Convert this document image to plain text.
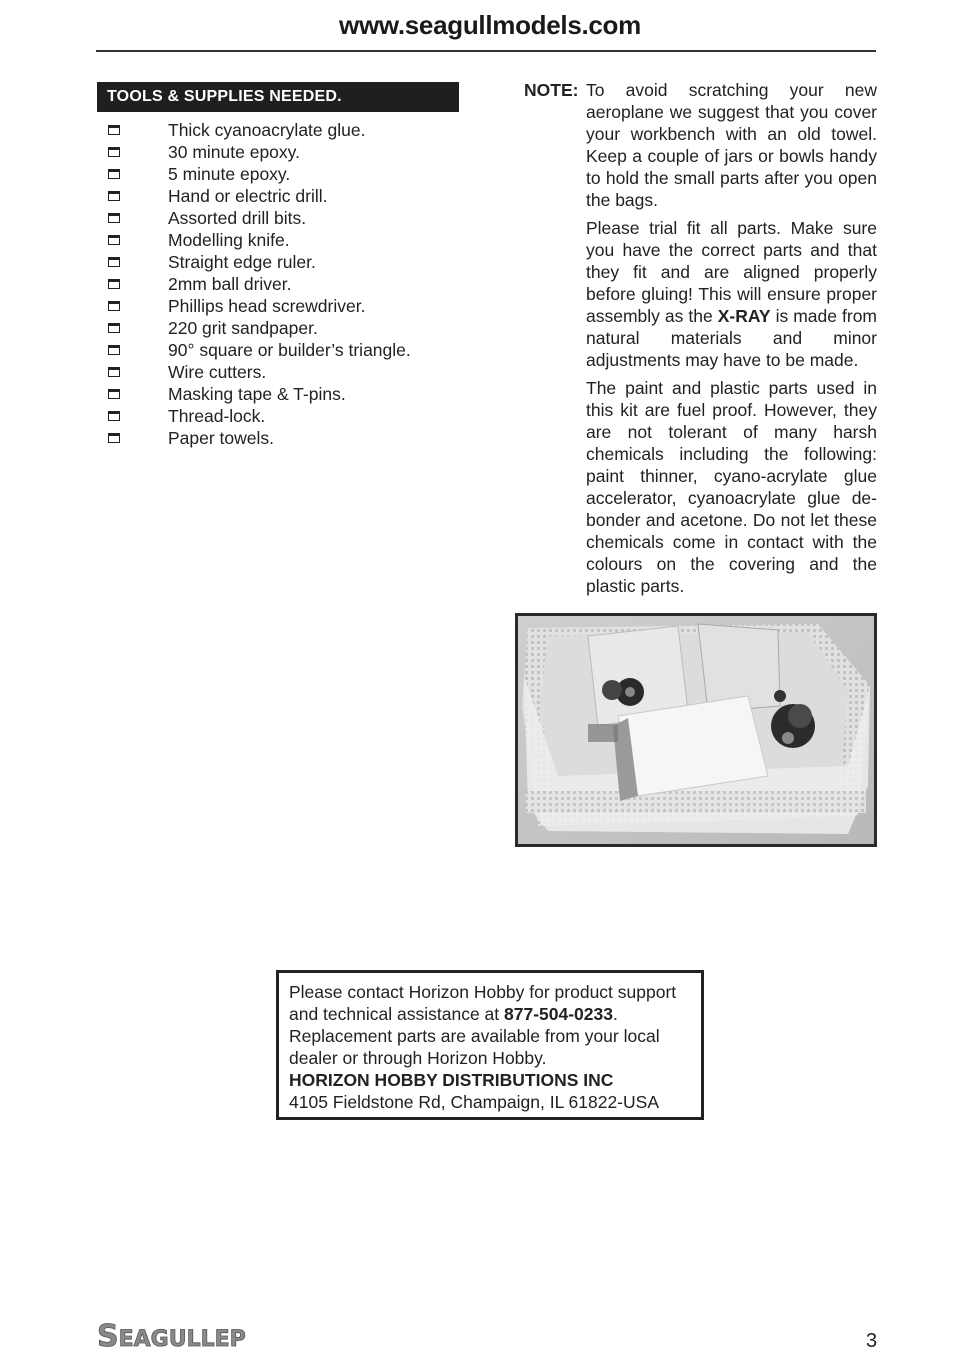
www.seagullmodels.com
TOOLS & SUPPLIES NEEDED.
Thick cyanoacrylate glue.
30 minute epoxy.
5 minute epoxy.
Hand or electric drill.
Assorted drill bits.
Modelling knife.
Straight edge ruler.
2mm ball driver.
Phillips head screwdriver.
220 grit sandpaper.
90° square or builder’s triangle.
Wire cutters.
Masking tape & T-pins.
Thread-lock.
Paper towels.
NOTE: To avoid scratching your new aeroplane we suggest that you cover your workbench with an old towel. Keep a couple of jars or bowls handy to hold the small parts after you open the bags.

Please trial fit all parts. Make sure you have the correct parts and that they fit and are aligned properly before gluing! This will ensure proper assembly as the X-RAY is made from natural materials and minor adjustments may have to be made.

The paint and plastic parts used in this kit are fuel proof. However, they are not tolerant of many harsh chemicals including the following: paint thinner, cyano-acrylate glue accelerator, cyanoacrylate glue de-bonder and acetone. Do not let these chemicals come in contact with the colours on the covering and the plastic parts.

Please contact Horizon Hobby for product support
and technical assistance at 877-504-0233.
Replacement parts are available from your local
dealer or through Horizon Hobby.
HORIZON HOBBY DISTRIBUTIONS INC
4105 Fieldstone Rd, Champaign, IL 61822-USA
SEAGULLEP	3
